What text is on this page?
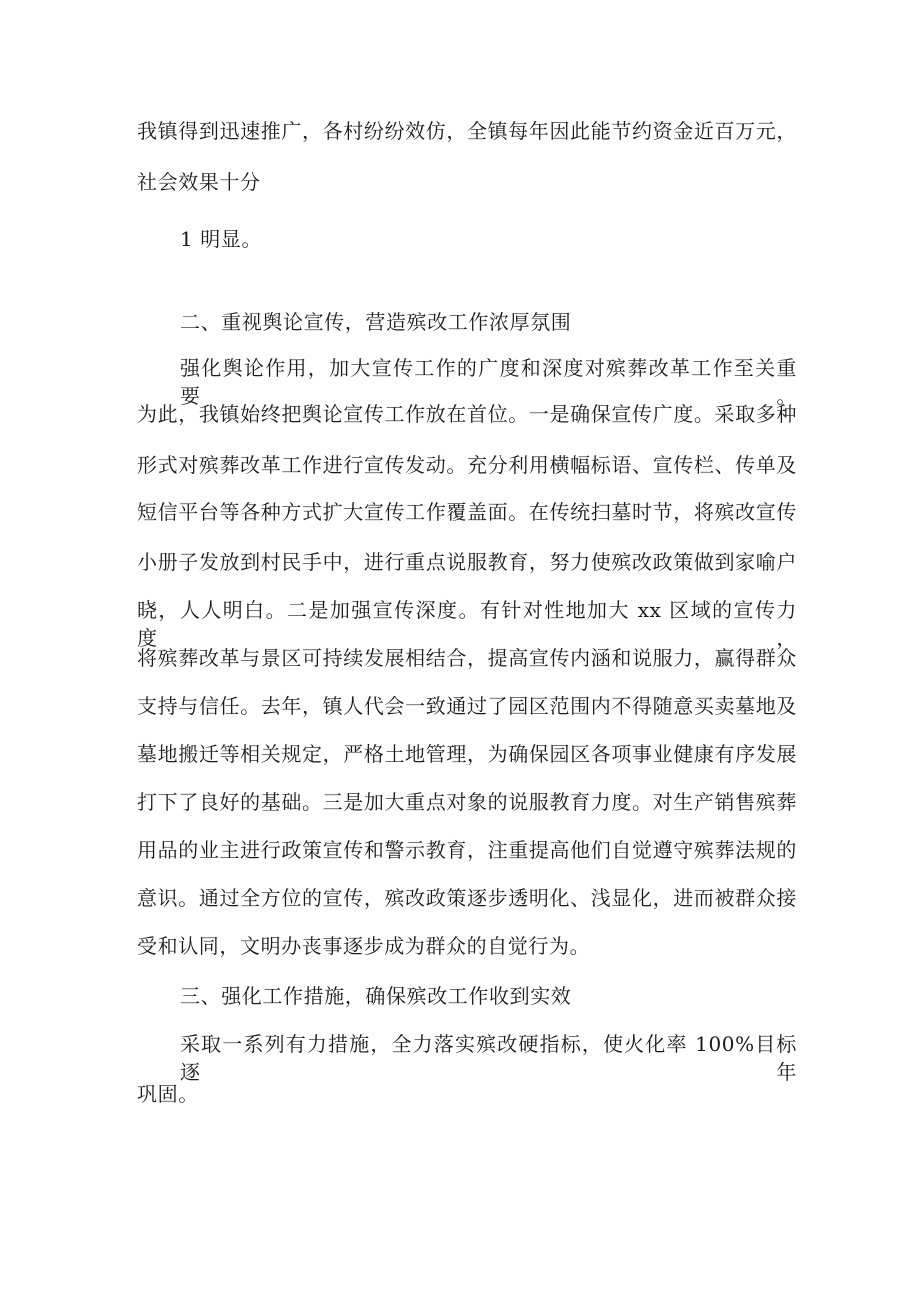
我镇得到迅速推广，各村纷纷效仿，全镇每年因此能节约资金近百万元，
社会效果十分
1 明显。
二、重视舆论宣传，营造殡改工作浓厚氛围
强化舆论作用，加大宣传工作的广度和深度对殡葬改革工作至关重要。
为此，我镇始终把舆论宣传工作放在首位。一是确保宣传广度。采取多种
形式对殡葬改革工作进行宣传发动。充分利用横幅标语、宣传栏、传单及
短信平台等各种方式扩大宣传工作覆盖面。在传统扫墓时节，将殡改宣传
小册子发放到村民手中，进行重点说服教育，努力使殡改政策做到家喻户
晓，人人明白。二是加强宣传深度。有针对性地加大 xx 区域的宣传力度，
将殡葬改革与景区可持续发展相结合，提高宣传内涵和说服力，赢得群众
支持与信任。去年，镇人代会一致通过了园区范围内不得随意买卖墓地及
墓地搬迁等相关规定，严格土地管理，为确保园区各项事业健康有序发展
打下了良好的基础。三是加大重点对象的说服教育力度。对生产销售殡葬
用品的业主进行政策宣传和警示教育，注重提高他们自觉遵守殡葬法规的
意识。通过全方位的宣传，殡改政策逐步透明化、浅显化，进而被群众接
受和认同，文明办丧事逐步成为群众的自觉行为。
三、强化工作措施，确保殡改工作收到实效
采取一系列有力措施，全力落实殡改硬指标，使火化率 100%目标逐年
巩固。
